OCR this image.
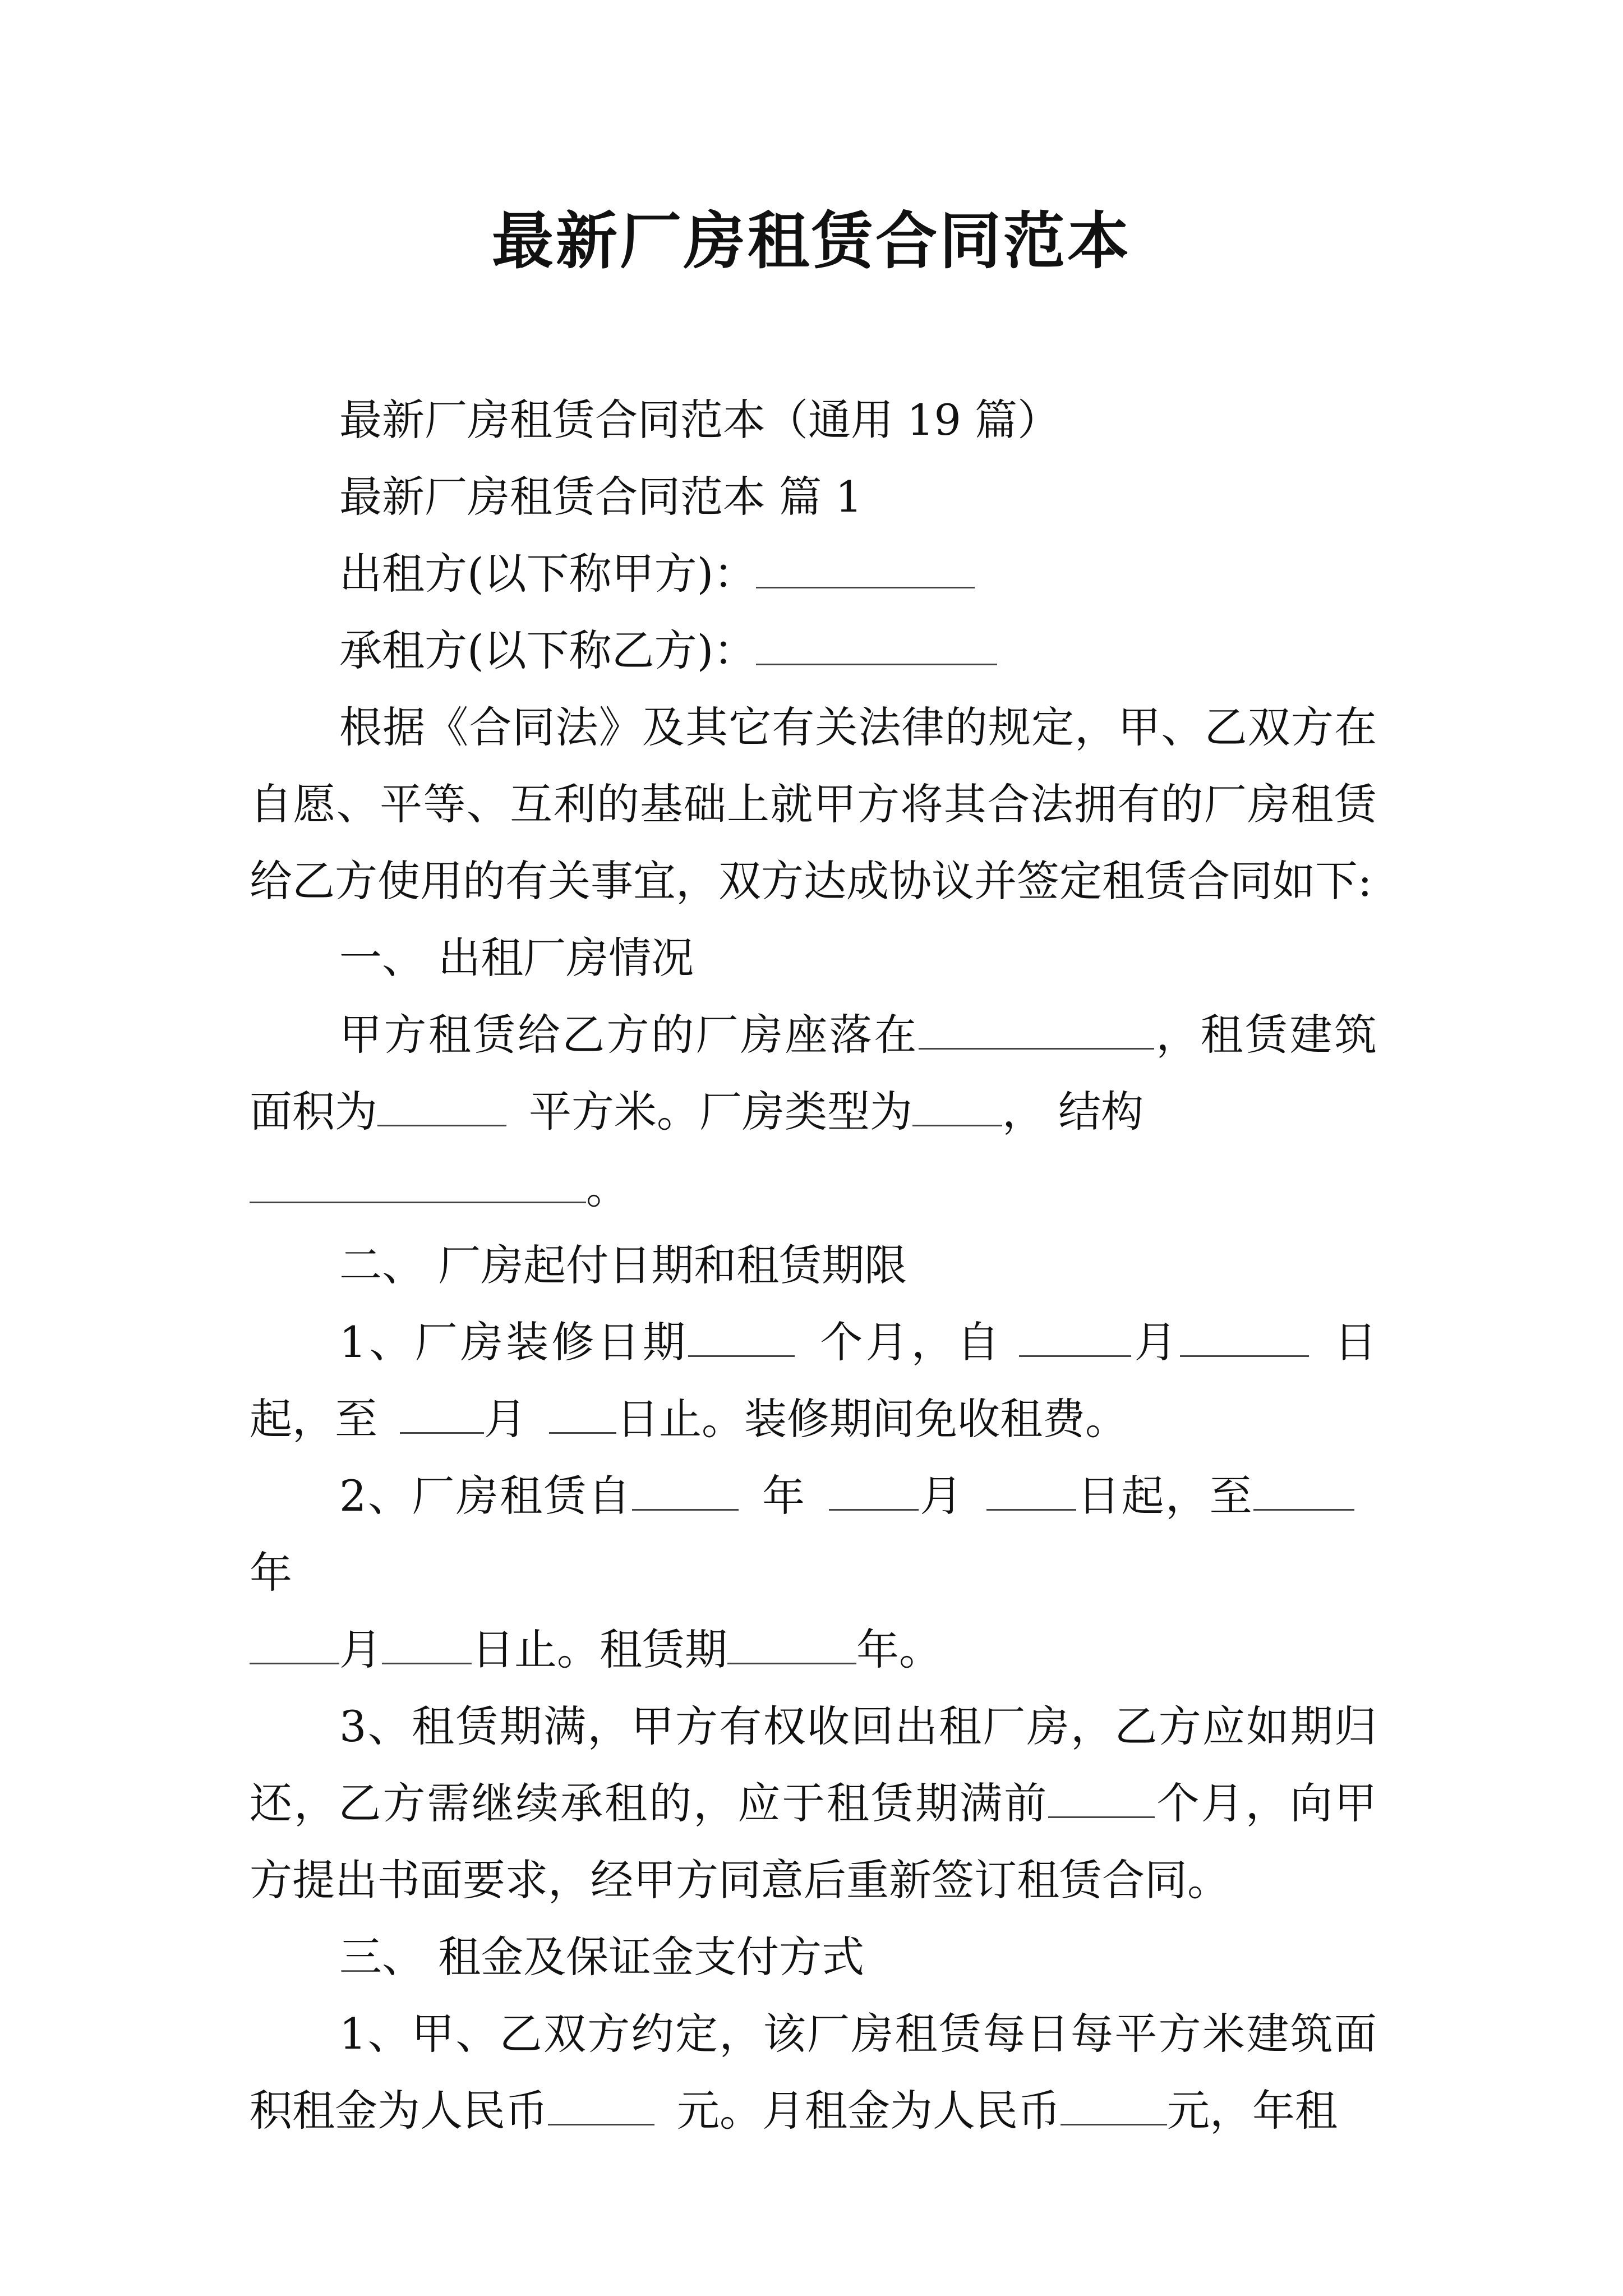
最新厂房租赁合同范本

最新厂房租赁合同范本（通用 19 篇）

最新厂房租赁合同范本 篇 1

出租方(以下称甲方)：

承租方(以下称乙方)：

根据《合同法》及其它有关法律的规定，甲、乙双方在自愿、平等、互利的基础上就甲方将其合法拥有的厂房租赁给乙方使用的有关事宜，双方达成协议并签定租赁合同如下:

一、 出租厂房情况

甲方租赁给乙方的厂房座落在	，租赁建筑面积为	平方米。厂房类型为 ， 结构
。

二、 厂房起付日期和租赁期限

1、厂房装修日期	个月，自	月	日起，至	月 日止。装修期间免收租费。

2、厂房租赁自	年	月	日起，至年
月 日止。租赁期	年。

3、租赁期满，甲方有权收回出租厂房，乙方应如期归还，乙方需继续承租的，应于租赁期满前	个月，向甲方提出书面要求，经甲方同意后重新签订租赁合同。

三、 租金及保证金支付方式

1、甲、乙双方约定，该厂房租赁每日每平方米建筑面积租金为人民币	元。月租金为人民币	元，年租
